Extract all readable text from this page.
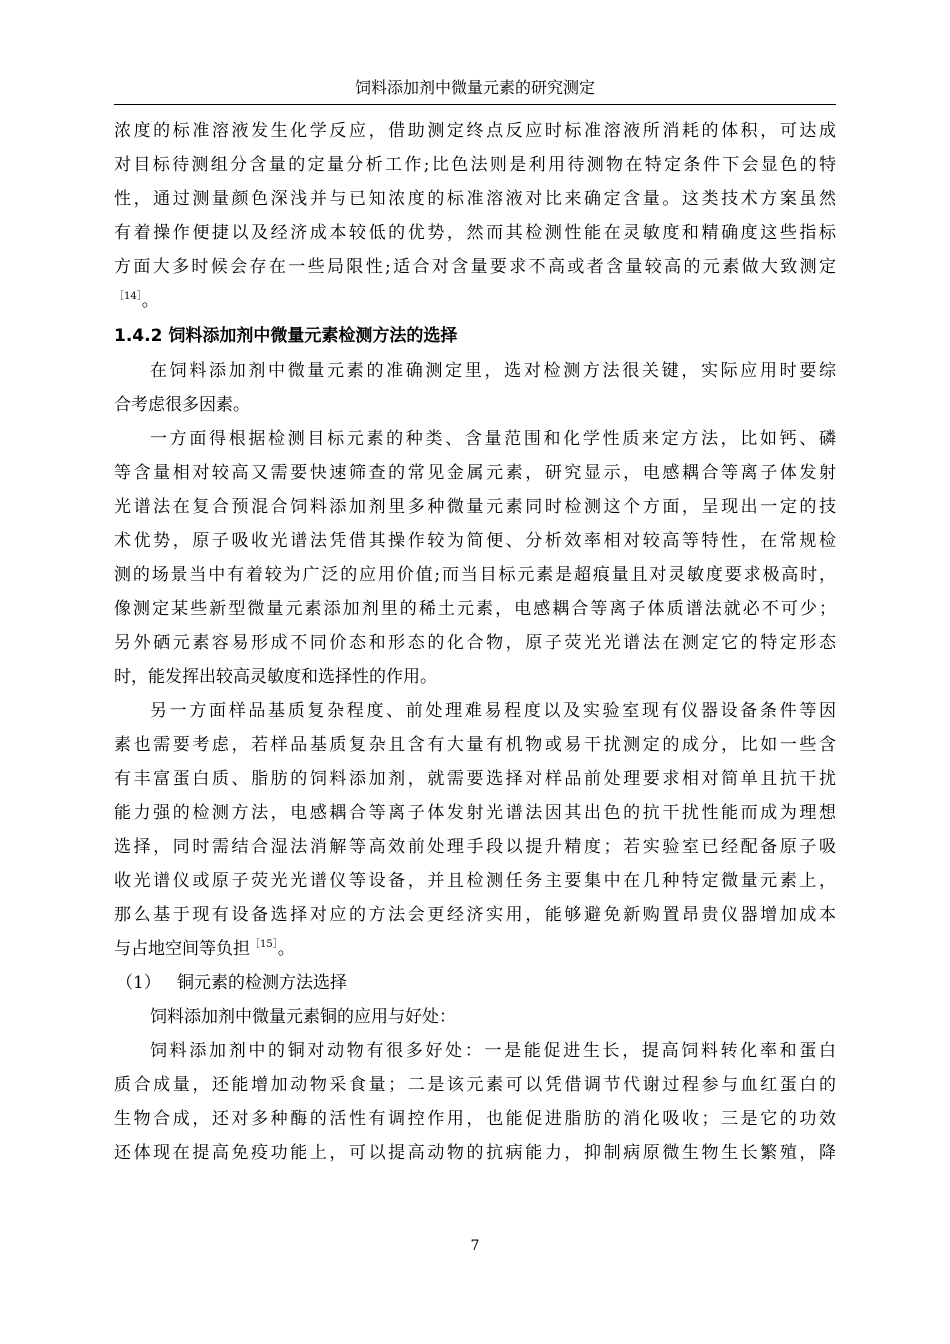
饲料添加剂中微量元素的研究测定
浓度的标准溶液发生化学反应，借助测定终点反应时标准溶液所消耗的体积，可达成
对目标待测组分含量的定量分析工作;比色法则是利用待测物在特定条件下会显色的特
性，通过测量颜色深浅并与已知浓度的标准溶液对比来确定含量。这类技术方案虽然
有着操作便捷以及经济成本较低的优势，然而其检测性能在灵敏度和精确度这些指标
方面大多时候会存在一些局限性;适合对含量要求不高或者含量较高的元素做大致测定
$^{[14]}$。
1.4.2 饲料添加剂中微量元素检测方法的选择
在饲料添加剂中微量元素的准确测定里，选对检测方法很关键，实际应用时要综
合考虑很多因素。
一方面得根据检测目标元素的种类、含量范围和化学性质来定方法，比如钙、磷
等含量相对较高又需要快速筛查的常见金属元素，研究显示，电感耦合等离子体发射
光谱法在复合预混合饲料添加剂里多种微量元素同时检测这个方面，呈现出一定的技
术优势，原子吸收光谱法凭借其操作较为简便、分析效率相对较高等特性，在常规检
测的场景当中有着较为广泛的应用价值;而当目标元素是超痕量且对灵敏度要求极高时，
像测定某些新型微量元素添加剂里的稀土元素，电感耦合等离子体质谱法就必不可少；
另外硒元素容易形成不同价态和形态的化合物，原子荧光光谱法在测定它的特定形态
时，能发挥出较高灵敏度和选择性的作用。
另一方面样品基质复杂程度、前处理难易程度以及实验室现有仪器设备条件等因
素也需要考虑，若样品基质复杂且含有大量有机物或易干扰测定的成分，比如一些含
有丰富蛋白质、脂肪的饲料添加剂，就需要选择对样品前处理要求相对简单且抗干扰
能力强的检测方法，电感耦合等离子体发射光谱法因其出色的抗干扰性能而成为理想
选择，同时需结合湿法消解等高效前处理手段以提升精度；若实验室已经配备原子吸
收光谱仪或原子荧光光谱仪等设备，并且检测任务主要集中在几种特定微量元素上，
那么基于现有设备选择对应的方法会更经济实用，能够避免新购置昂贵仪器增加成本
与占地空间等负担$^{[15]}$。
（1） 铜元素的检测方法选择
饲料添加剂中微量元素铜的应用与好处：
饲料添加剂中的铜对动物有很多好处：一是能促进生长，提高饲料转化率和蛋白
质合成量，还能增加动物采食量；二是该元素可以凭借调节代谢过程参与血红蛋白的
生物合成，还对多种酶的活性有调控作用，也能促进脂肪的消化吸收；三是它的功效
还体现在提高免疫功能上，可以提高动物的抗病能力，抑制病原微生物生长繁殖，降
7
